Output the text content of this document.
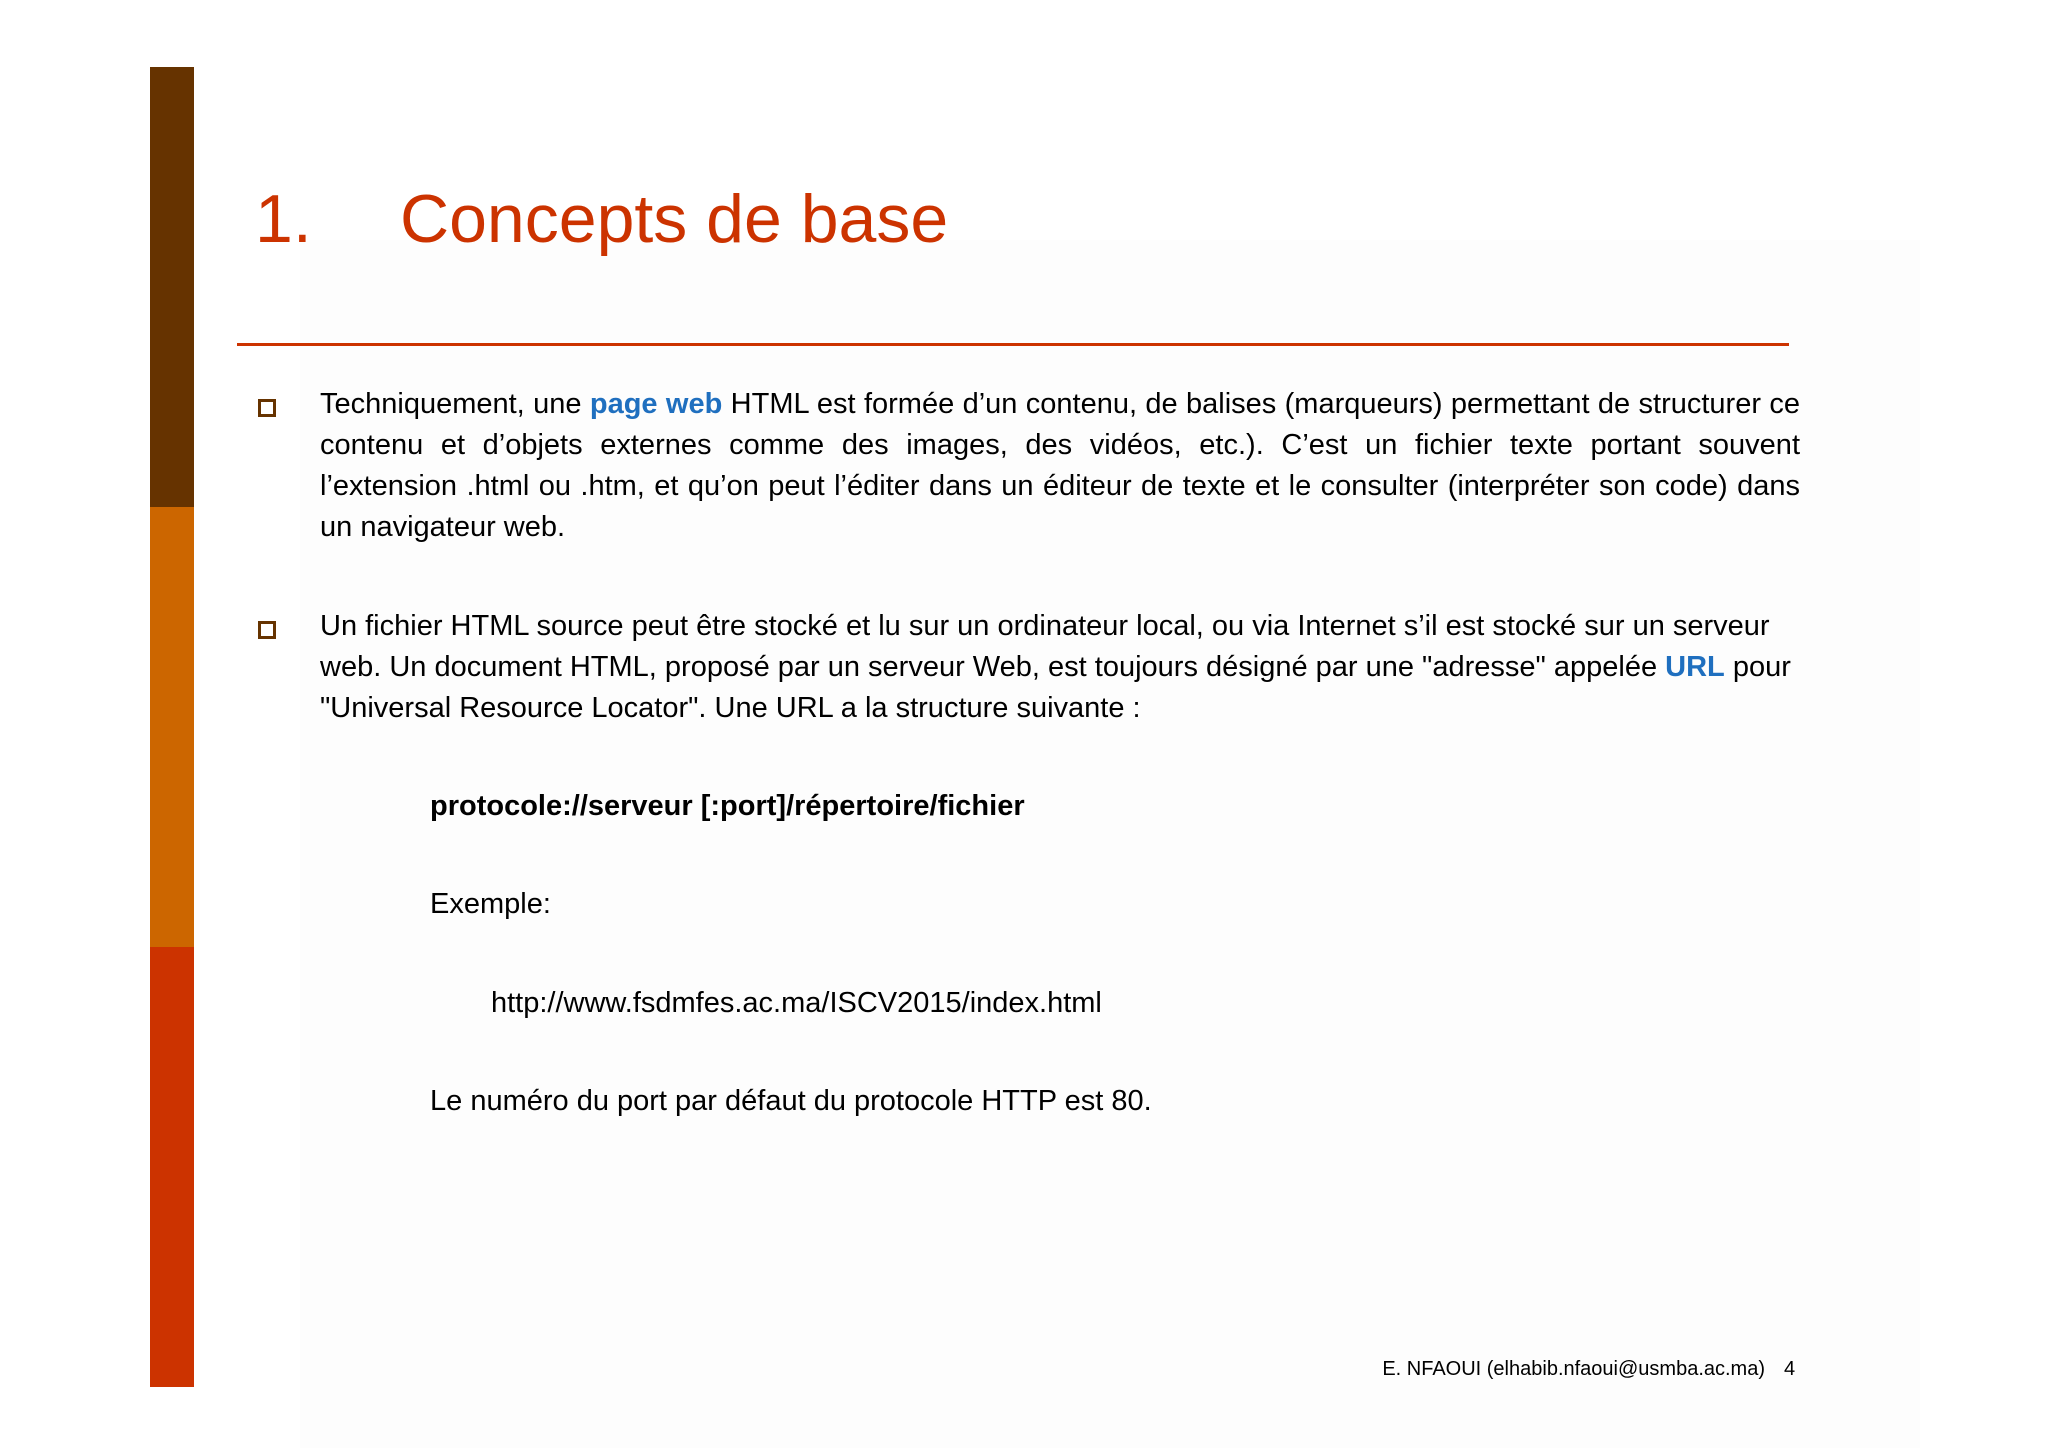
1. Concepts de base

Techniquement, une page web HTML est formée d’un contenu, de balises (marqueurs) permettant de structurer ce contenu et d’objets externes comme des images, des vidéos, etc.). C’est un fichier texte portant souvent l’extension .html ou .htm, et qu’on peut l’éditer dans un éditeur de texte et le consulter (interpréter son code) dans un navigateur web.

Un fichier HTML source peut être stocké et lu sur un ordinateur local, ou via Internet s’il est stocké sur un serveur web. Un document HTML, proposé par un serveur Web, est toujours désigné par une "adresse" appelée URL pour "Universal Resource Locator". Une URL a la structure suivante :

protocole://serveur [:port]/répertoire/fichier

Exemple:

http://www.fsdmfes.ac.ma/ISCV2015/index.html

Le numéro du port par défaut du protocole HTTP est 80.

E. NFAOUI (elhabib.nfaoui@usmba.ac.ma) 4
